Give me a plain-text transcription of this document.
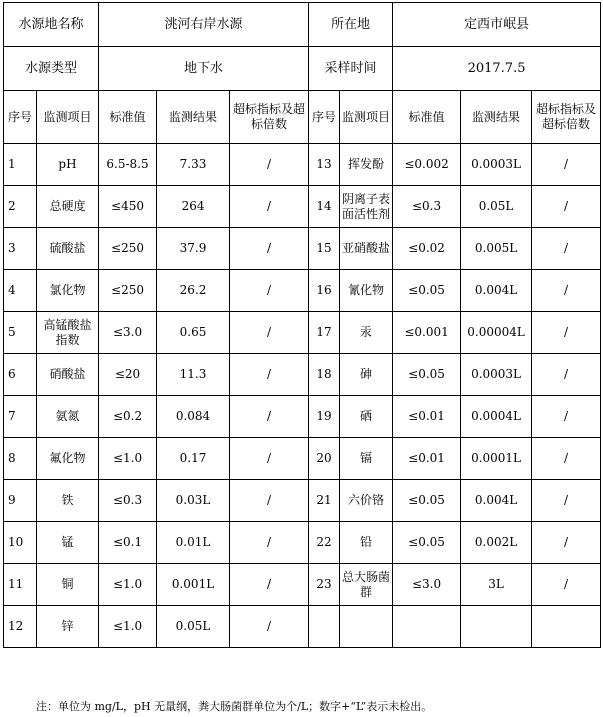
水源地名称		洮河右岸水源			所在地		定西市岷县		
水源类型		地下水			采样时间		2017.7.5		
序号	监测项目	标准值	监测结果	超标指标及超标倍数	序号	监测项目	标准值	监测结果	超标指标及超标倍数
1	pH	6.5-8.5	7.33	/	13	挥发酚	≤0.002	0.0003L	/
2	总硬度	≤450	264	/	14	阴离子表面活性剂	≤0.3	0.05L	/
3	硫酸盐	≤250	37.9	/	15	亚硝酸盐	≤0.02	0.005L	/
4	氯化物	≤250	26.2	/	16	氰化物	≤0.05	0.004L	/
5	高锰酸盐指数	≤3.0	0.65	/	17	汞	≤0.001	0.00004L	/
6	硝酸盐	≤20	11.3	/	18	砷	≤0.05	0.0003L	/
7	氨氮	≤0.2	0.084	/	19	硒	≤0.01	0.0004L	/
8	氟化物	≤1.0	0.17	/	20	镉	≤0.01	0.0001L	/
9	铁	≤0.3	0.03L	/	21	六价铬	≤0.05	0.004L	/
10	锰	≤0.1	0.01L	/	22	铅	≤0.05	0.002L	/
11	铜	≤1.0	0.001L	/	23	总大肠菌群	≤3.0	3L	/
12	锌	≤1.0	0.05L	/					
注：单位为 mg/L，pH 无量纲，粪大肠菌群单位为个/L；数字+“L”表示未检出。
